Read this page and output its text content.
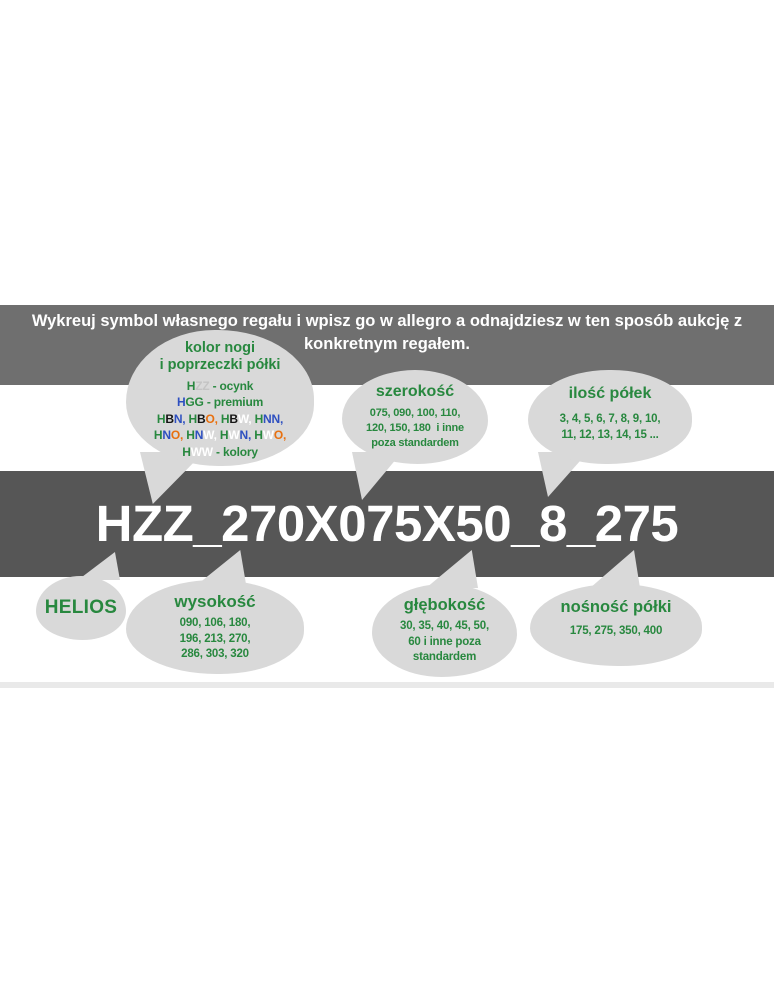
Wykreuj symbol własnego regału i wpisz go w allegro a odnajdziesz w ten sposób aukcję z
konkretnym regałem.
HZZ_270X075X50_8_275
kolor nogi
i poprzeczki półki
HZZ - ocynk
HGG - premium
HBN, HBO, HBW, HNN,
HNO, HNW, HWN, HWO,
HWW - kolory
szerokość
075, 090, 100, 110,
120, 150, 180  i inne
poza standardem
ilość półek
3, 4, 5, 6, 7, 8, 9, 10,
11, 12, 13, 14, 15 ...
HELIOS	wysokość
090, 106, 180,
196, 213, 270,
286, 303, 320
głębokość
30, 35, 40, 45, 50,
60 i inne poza
standardem
nośność półki
175, 275, 350, 400
